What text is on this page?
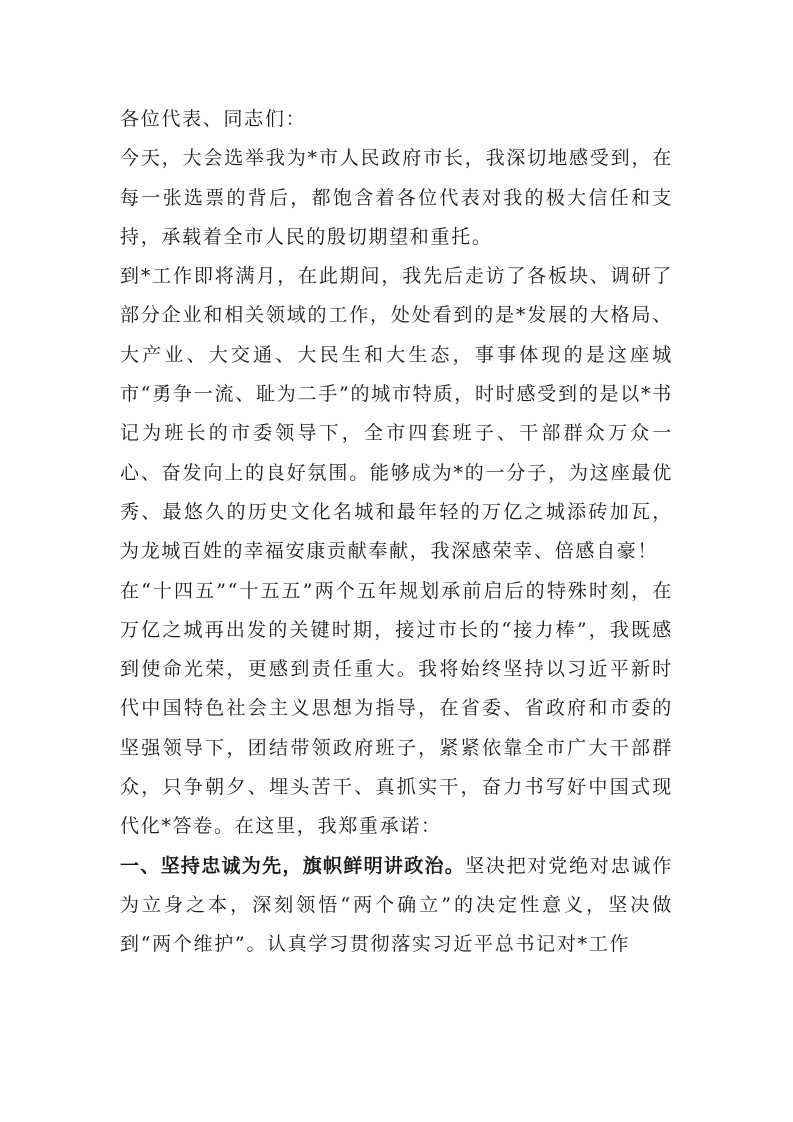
各位代表、同志们：

今天，大会选举我为*市人民政府市长，我深切地感受到，在每一张选票的背后，都饱含着各位代表对我的极大信任和支持，承载着全市人民的殷切期望和重托。

到*工作即将满月，在此期间，我先后走访了各板块、调研了部分企业和相关领域的工作，处处看到的是*发展的大格局、大产业、大交通、大民生和大生态，事事体现的是这座城市“勇争一流、耻为二手”的城市特质，时时感受到的是以*书记为班长的市委领导下，全市四套班子、干部群众万众一心、奋发向上的良好氛围。能够成为*的一分子，为这座最优秀、最悠久的历史文化名城和最年轻的万亿之城添砖加瓦，为龙城百姓的幸福安康贡献奉献，我深感荣幸、倍感自豪！

在“十四五”“十五五”两个五年规划承前启后的特殊时刻，在万亿之城再出发的关键时期，接过市长的“接力棒”，我既感到使命光荣，更感到责任重大。我将始终坚持以习近平新时代中国特色社会主义思想为指导，在省委、省政府和市委的坚强领导下，团结带领政府班子，紧紧依靠全市广大干部群众，只争朝夕、埋头苦干、真抓实干，奋力书写好中国式现代化*答卷。在这里，我郑重承诺：

一、坚持忠诚为先，旗帜鲜明讲政治。坚决把对党绝对忠诚作为立身之本，深刻领悟“两个确立”的决定性意义，坚决做到“两个维护”。认真学习贯彻落实习近平总书记对*工作
